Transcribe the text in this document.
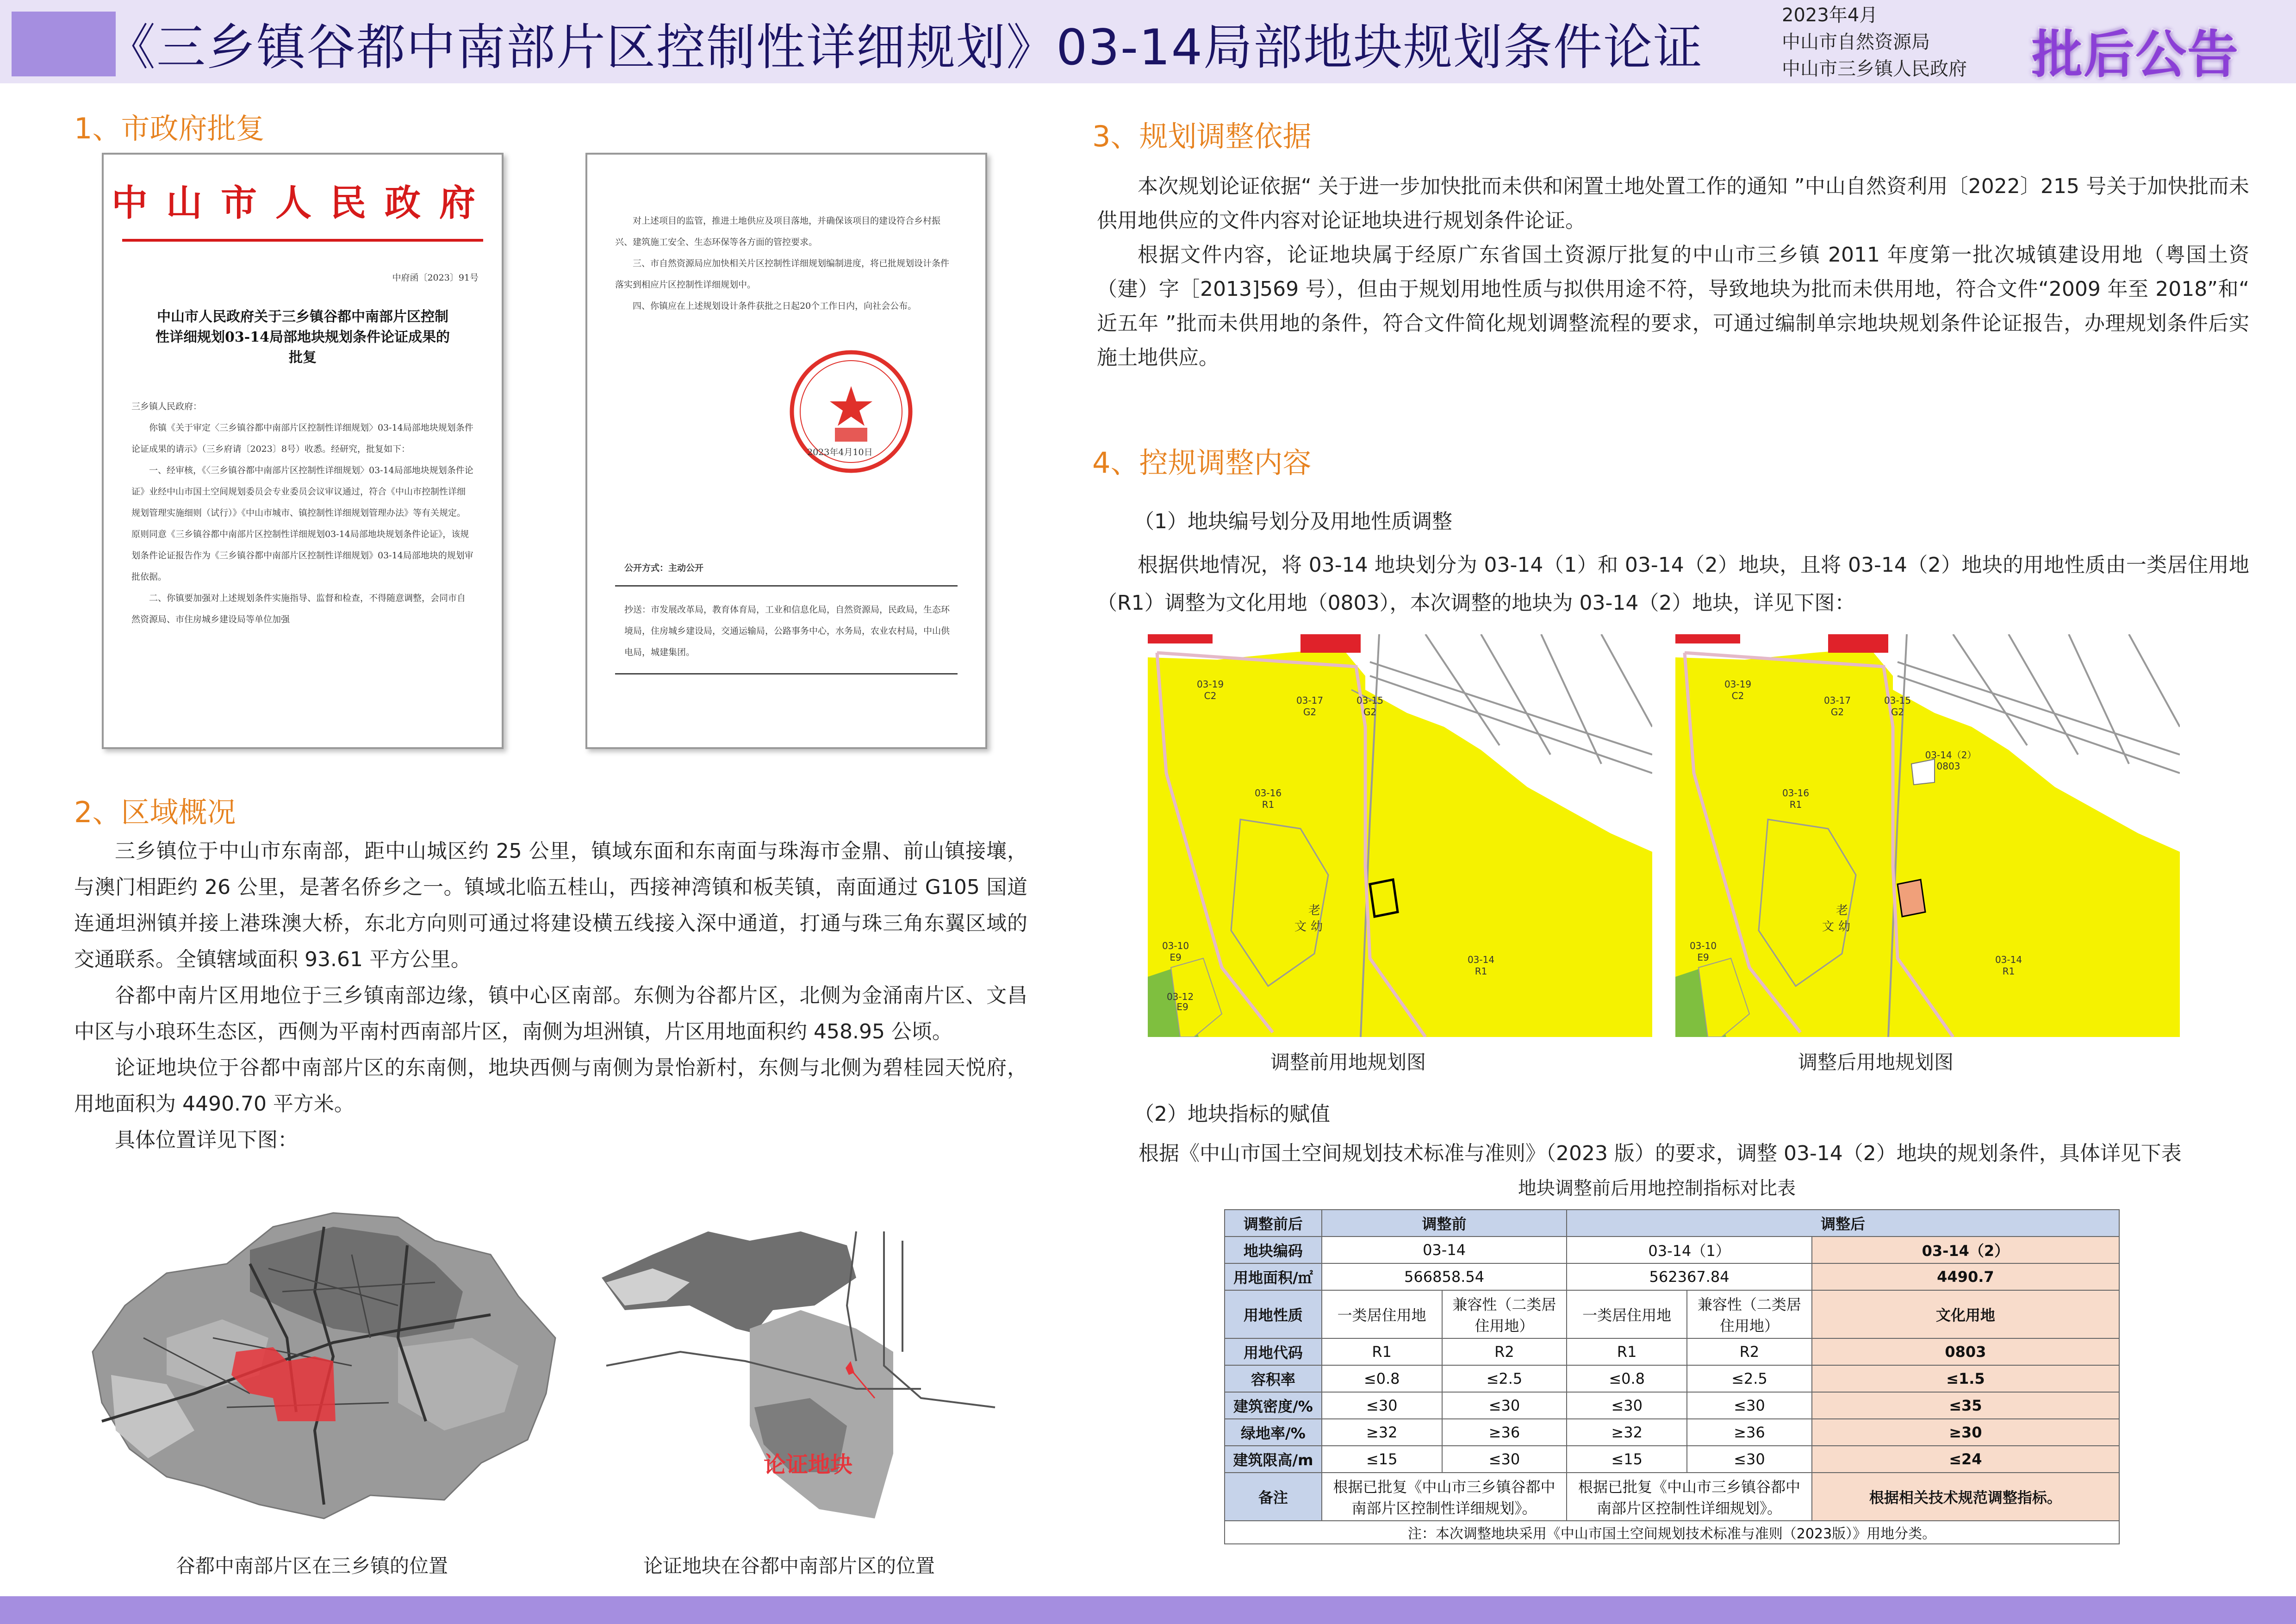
《三乡镇谷都中南部片区控制性详细规划》03-14局部地块规划条件论证
2023年4月
中山市自然资源局
中山市三乡镇人民政府 批后公告
1、市政府批复
中山市人民政府
中府函〔2023〕91号
中山市人民政府关于三乡镇谷都中南部片区控制性详细规划03-14局部地块规划条件论证成果的批复
三乡镇人民政府：
你镇《关于审定〈三乡镇谷都中南部片区控制性详细规划〉03-14局部地块规划条件论证成果的请示》（三乡府请〔2023〕8号）收悉。经研究，批复如下：
一、经审核，《〈三乡镇谷都中南部片区控制性详细规划〉03-14局部地块规划条件论证》业经中山市国土空间规划委员会专业委员会议审议通过，符合《中山市控制性详细规划管理实施细则（试行）》《中山市城市、镇控制性详细规划管理办法》等有关规定。原则同意《三乡镇谷都中南部片区控制性详细规划03-14局部地块规划条件论证》，该规划条件论证报告作为《三乡镇谷都中南部片区控制性详细规划》03-14局部地块的规划审批依据。
二、你镇要加强对上述规划条件实施指导、监督和检查，不得随意调整，会同市自然资源局、市住房城乡建设局等单位加强
对上述项目的监管，推进土地供应及项目落地，并确保该项目的建设符合乡村振兴、建筑施工安全、生态环保等各方面的管控要求。
三、市自然资源局应加快相关片区控制性详细规划编制进度，将已批规划设计条件落实到相应片区控制性详细规划中。
四、你镇应在上述规划设计条件获批之日起20个工作日内，向社会公布。
2023年4月10日
公开方式：主动公开
抄送：市发展改革局，教育体育局，工业和信息化局，自然资源局，民政局，生态环境局，住房城乡建设局，交通运输局，公路事务中心，水务局，农业农村局，中山供电局，城建集团。
2、区域概况

三乡镇位于中山市东南部，距中山城区约 25 公里，镇域东面和东南面与珠海市金鼎、前山镇接壤，与澳门相距约 26 公里，是著名侨乡之一。镇域北临五桂山，西接神湾镇和板芙镇，南面通过 G105 国道连通坦洲镇并接上港珠澳大桥，东北方向则可通过将建设横五线接入深中通道，打通与珠三角东翼区域的交通联系。全镇辖域面积 93.61 平方公里。

谷都中南片区用地位于三乡镇南部边缘，镇中心区南部。东侧为谷都片区，北侧为金涌南片区、文昌中区与小琅环生态区，西侧为平南村西南部片区，南侧为坦洲镇，片区用地面积约 458.95 公顷。

论证地块位于谷都中南部片区的东南侧，地块西侧与南侧为景怡新村，东侧与北侧为碧桂园天悦府，用地面积为 4490.70 平方米。

具体位置详见下图：

谷都中南部片区在三乡镇的位置
论证地块
论证地块在谷都中南部片区的位置
3、规划调整依据

本次规划论证依据“ 关于进一步加快批而未供和闲置土地处置工作的通知 ”中山自然资利用〔2022〕215 号关于加快批而未供用地供应的文件内容对论证地块进行规划条件论证。

根据文件内容，论证地块属于经原广东省国土资源厅批复的中山市三乡镇 2011 年度第一批次城镇建设用地（粤国土资（建）字［2013]569 号），但由于规划用地性质与拟供用途不符，导致地块为批而未供用地，符合文件“2009 年至 2018”和“ 近五年 ”批而未供用地的条件，符合文件简化规划调整流程的要求，可通过编制单宗地块规划条件论证报告，办理规划条件后实施土地供应。

4、控规调整内容
（1）地块编号划分及用地性质调整
根据供地情况，将 03-14 地块划分为 03-14（1）和 03-14（2）地块，且将 03-14（2）地块的用地性质由一类居住用地（R1）调整为文化用地（0803），本次调整的地块为 03-14（2）地块，详见下图：
03-19
C2	03-17
G2
03-15
G2
03-16
R1
03-10
E9
03-12
E9
03-14
R1
老
文 幼
调整前用地规划图
03-19
C2	03-17
G2
03-15
G2
03-14（2）
0803
03-16
R1
03-10
E9	03-14
R1
老
文 幼
调整后用地规划图
（2）地块指标的赋值
根据《中山市国土空间规划技术标准与准则》（2023 版）的要求，调整 03-14（2）地块的规划条件，具体详见下表
地块调整前后用地控制指标对比表
调整前后	调整前		调整后		
地块编码	03-14		03-14（1）		03-14（2）
用地面积/㎡	566858.54		562367.84		4490.7
用地性质	一类居住用地	兼容性（二类居住用地）	一类居住用地	兼容性（二类居住用地）	文化用地
用地代码	R1	R2	R1	R2	0803
容积率	≤0.8	≤2.5	≤0.8	≤2.5	≤1.5
建筑密度/%	≤30	≤30	≤30	≤30	≤35
绿地率/%	≥32	≥36	≥32	≥36	≥30
建筑限高/m	≤15	≤30	≤15	≤30	≤24
备注	根据已批复《中山市三乡镇谷都中南部片区控制性详细规划》。		根据已批复《中山市三乡镇谷都中南部片区控制性详细规划》。		根据相关技术规范调整指标。
注：本次调整地块采用《中山市国土空间规划技术标准与准则（2023版）》用地分类。					
